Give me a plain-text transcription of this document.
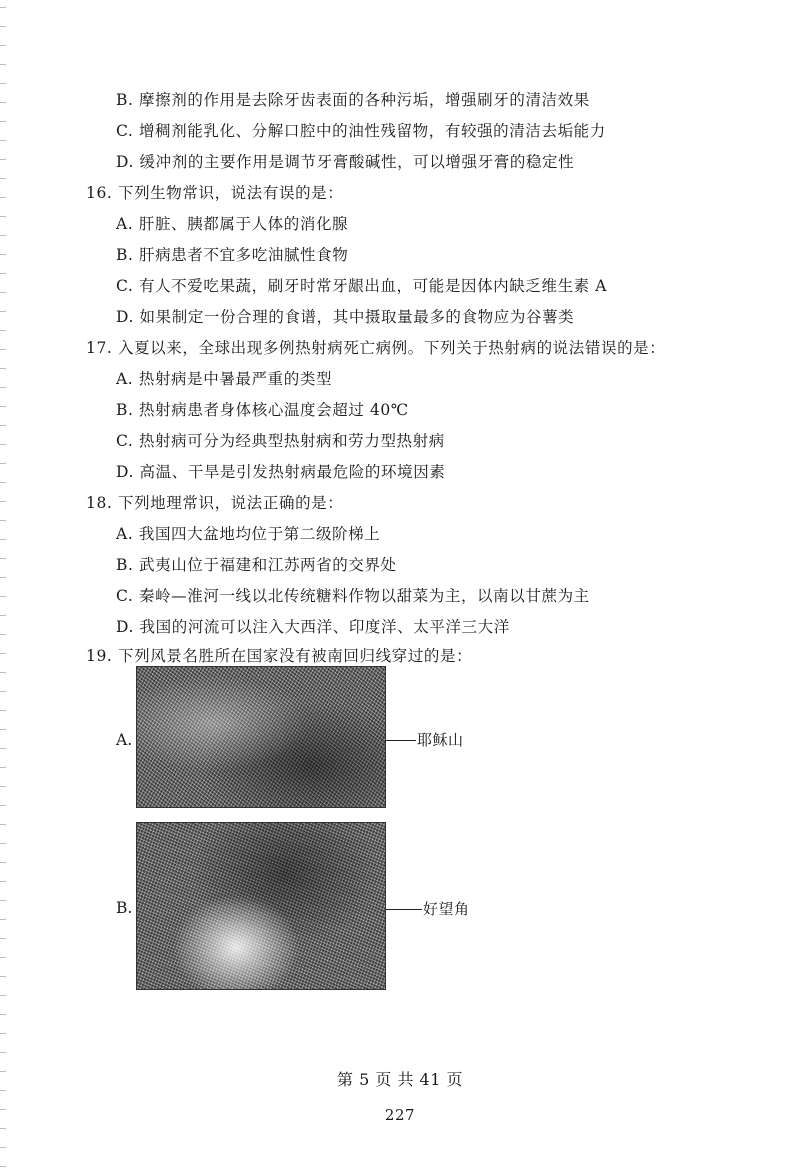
B. 摩擦剂的作用是去除牙齿表面的各种污垢，增强刷牙的清洁效果
C. 增稠剂能乳化、分解口腔中的油性残留物，有较强的清洁去垢能力
D. 缓冲剂的主要作用是调节牙膏酸碱性，可以增强牙膏的稳定性
16. 下列生物常识，说法有误的是：
A. 肝脏、胰都属于人体的消化腺
B. 肝病患者不宜多吃油腻性食物
C. 有人不爱吃果蔬，刷牙时常牙龈出血，可能是因体内缺乏维生素 A
D. 如果制定一份合理的食谱，其中摄取量最多的食物应为谷薯类
17. 入夏以来，全球出现多例热射病死亡病例。下列关于热射病的说法错误的是：
A. 热射病是中暑最严重的类型
B. 热射病患者身体核心温度会超过 40℃
C. 热射病可分为经典型热射病和劳力型热射病
D. 高温、干旱是引发热射病最危险的环境因素
18. 下列地理常识，说法正确的是：
A. 我国四大盆地均位于第二级阶梯上
B. 武夷山位于福建和江苏两省的交界处
C. 秦岭—淮河一线以北传统糖料作物以甜菜为主，以南以甘蔗为主
D. 我国的河流可以注入大西洋、印度洋、太平洋三大洋
19. 下列风景名胜所在国家没有被南回归线穿过的是：
A.	耶稣山
B.	好望角
第 5 页 共 41 页
227
